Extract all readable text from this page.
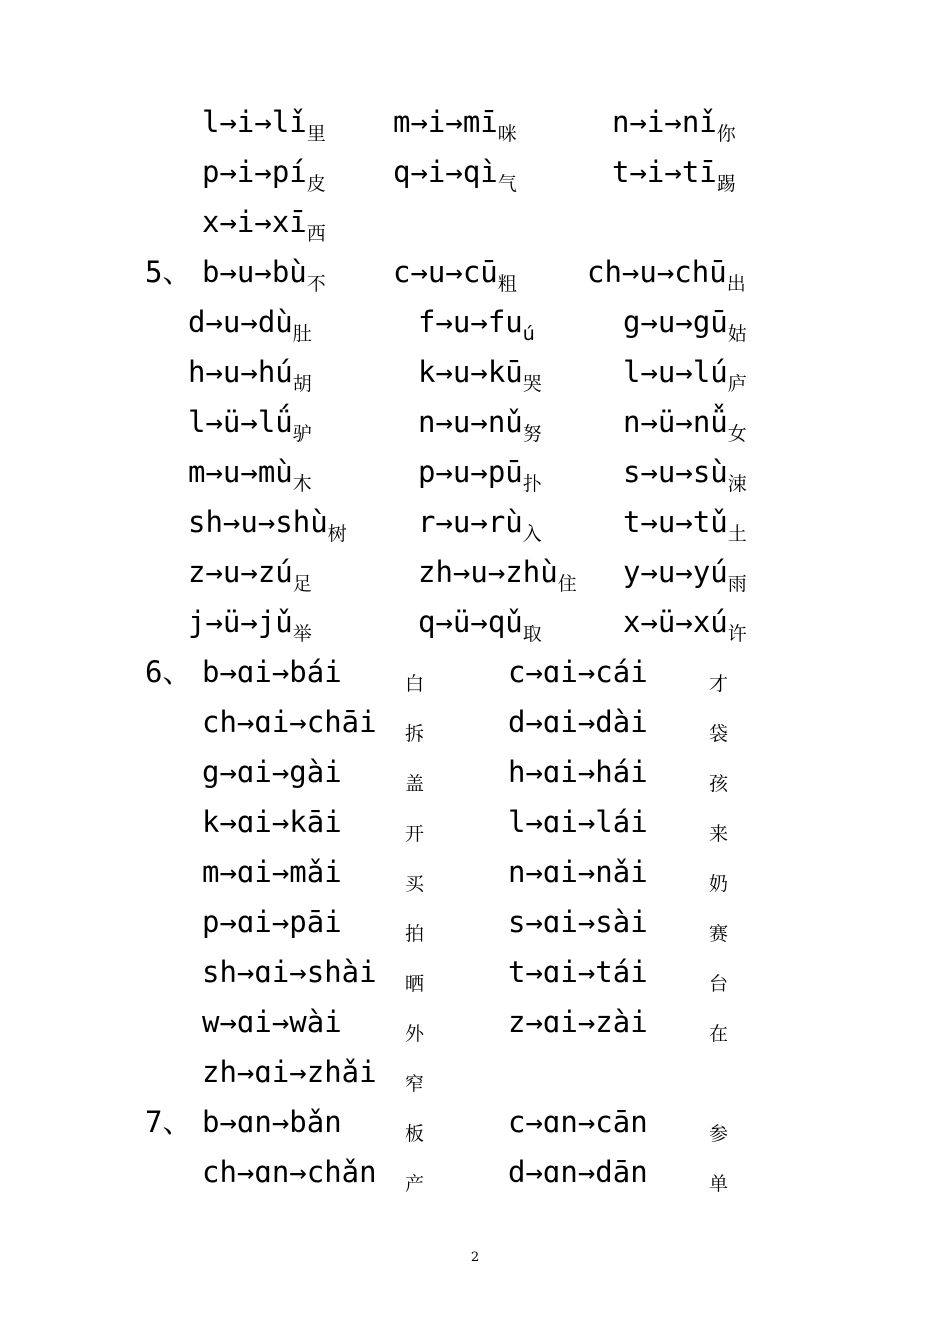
$l\to i\to lǐ_里$ $m\to i\to mī_咪$	$n\to i\to nǐ_你$
$p\to i\to pí_皮$ $q\to i\to qì_气$	$t\to i\to tī_踢$
$x\to i\to xī_西$
5、 $b\to u\to bù_不$ $c\to u\to cū_粗$ ch→u→chū$_出$
$d\to u\to dù_肚$	$f\to u\to fu_ú$	$g\to u\to gū_姑$
$h\to u\to hú_胡$	$k\to u\to kū_哭$	$l\to u\to lú_庐$
$l\to ü\to lǘ_驴$	$n\to u\to nǔ_努$	$n\to ü\to nǚ_女$
$m\to u\to mù_木$	$p\to u\to pū_扑$	$s\to u\to sù_涑$
sh→u→shù$_树$ $r\to u\to rù_入$	$t\to u\to tǔ_土$
$z\to u\to zú_足$	zh→u→zhù$_住$ $y\to u\to yú_雨$
$j\to ü\to jǔ_举$	$q\to ü\to qǔ_取$	$x\to ü\to xú_许$
6、 b→ɑi→bái	白	c→ɑi→cái	才
ch→ɑi→chāi 拆	d→ɑi→dài	袋
g→ɑi→gài	盖	h→ɑi→hái	孩
k→ɑi→kāi	开	l→ɑi→lái	来
m→ɑi→mǎi	买	n→ɑi→nǎi	奶
p→ɑi→pāi	拍	s→ɑi→sài	赛
sh→ɑi→shài 晒	t→ɑi→tái	台
w→ɑi→wài	外	z→ɑi→zài	在
zh→ɑi→zhǎi 窄
7、 b→ɑn→bǎn	板	c→ɑn→cān	参
ch→ɑn→chǎn 产	d→ɑn→dān	单
2
